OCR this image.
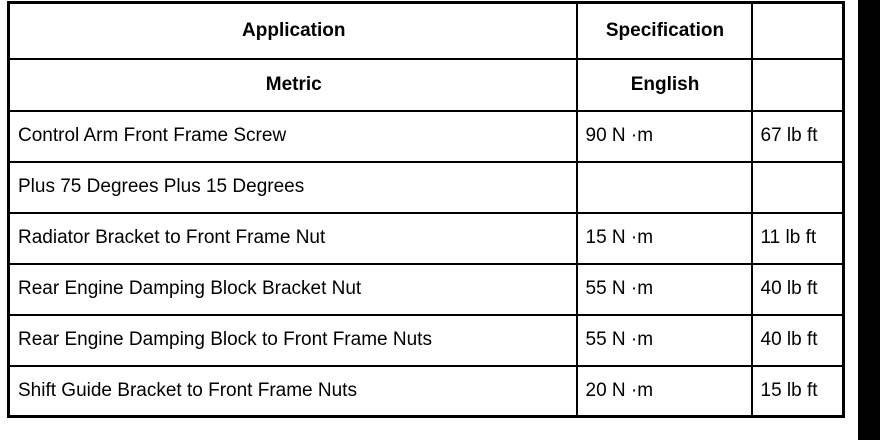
Application	Specification	
Metric	English	
Control Arm Front Frame Screw	90 N ·m	67 lb ft
Plus 75 Degrees Plus 15 Degrees		
Radiator Bracket to Front Frame Nut	15 N ·m	11 lb ft
Rear Engine Damping Block Bracket Nut	55 N ·m	40 lb ft
Rear Engine Damping Block to Front Frame Nuts	55 N ·m	40 lb ft
Shift Guide Bracket to Front Frame Nuts	20 N ·m	15 lb ft
